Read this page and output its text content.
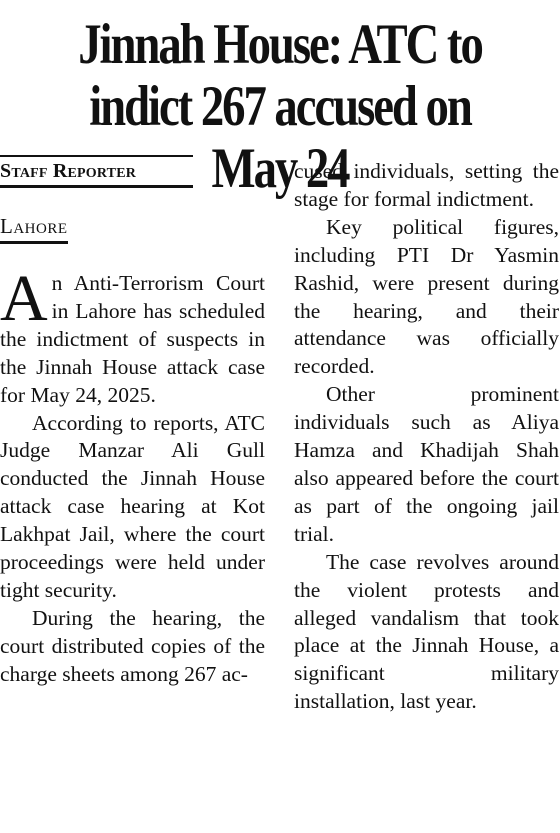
Jinnah House: ATC to indict 267 accused on May 24
Staff Reporter
Lahore

An Anti-Terrorism Court in Lahore has scheduled the indictment of suspects in the Jinnah House attack case for May 24, 2025.

According to reports, ATC Judge Manzar Ali Gull conducted the Jinnah House attack case hearing at Kot Lakhpat Jail, where the court proceedings were held under tight security.

During the hearing, the court distributed copies of the charge sheets among 267 ac-

cused individuals, setting the stage for formal indictment.

Key political figures, including PTI Dr Yasmin Rashid, were present during the hearing, and their attendance was officially recorded.

Other prominent individuals such as Aliya Hamza and Khadijah Shah also appeared before the court as part of the ongoing jail trial.

The case revolves around the violent protests and alleged vandalism that took place at the Jinnah House, a significant military installation, last year.
